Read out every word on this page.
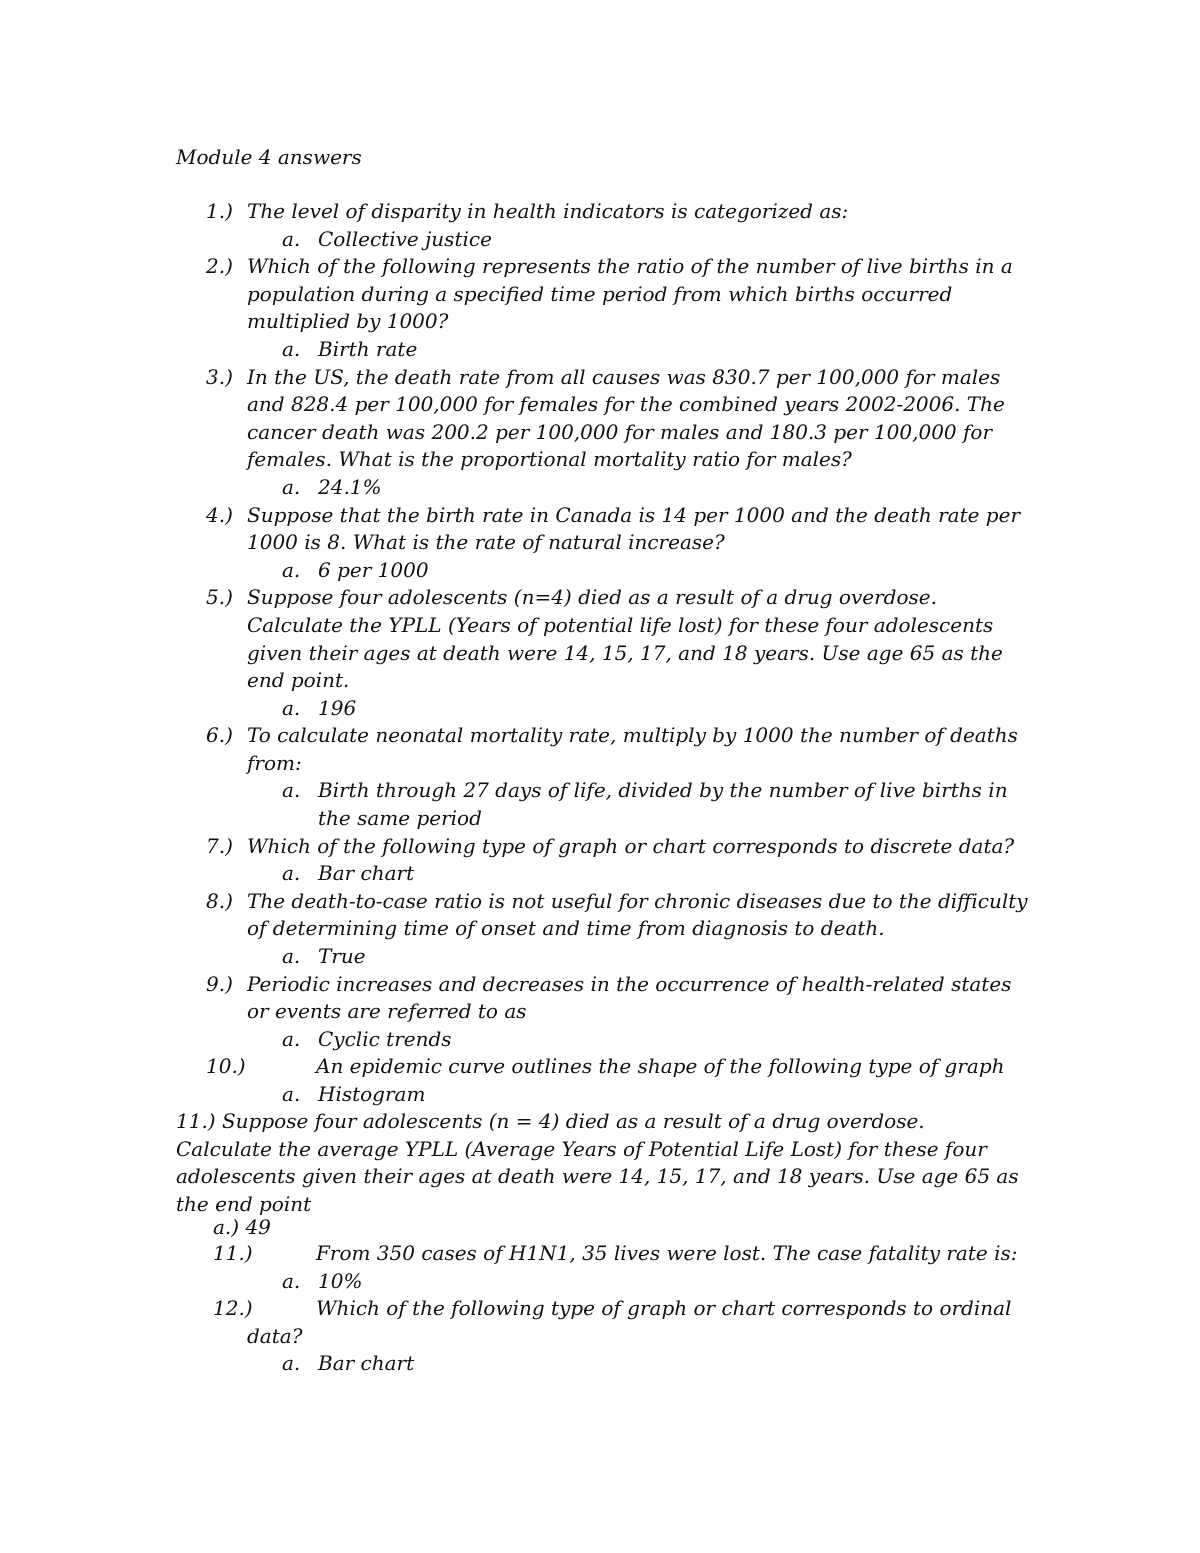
Module 4 answers
1.) The level of disparity in health indicators is categorized as:
a. Collective justice
2.) Which of the following represents the ratio of the number of live births in a population during a specified time period from which births occurred multiplied by 1000?
a. Birth rate
3.) In the US, the death rate from all causes was 830.7 per 100,000 for males and 828.4 per 100,000 for females for the combined years 2002-2006. The cancer death was 200.2 per 100,000 for males and 180.3 per 100,000 for females. What is the proportional mortality ratio for males?
a. 24.1%
4.) Suppose that the birth rate in Canada is 14 per 1000 and the death rate per 1000 is 8. What is the rate of natural increase?
a. 6 per 1000
5.) Suppose four adolescents (n=4) died as a result of a drug overdose. Calculate the YPLL (Years of potential life lost) for these four adolescents given their ages at death were 14, 15, 17, and 18 years. Use age 65 as the end point.
a. 196
6.) To calculate neonatal mortality rate, multiply by 1000 the number of deaths from:
a. Birth through 27 days of life, divided by the number of live births in the same period
7.) Which of the following type of graph or chart corresponds to discrete data?
a. Bar chart
8.) The death-to-case ratio is not useful for chronic diseases due to the difficulty of determining time of onset and time from diagnosis to death.
a. True
9.) Periodic increases and decreases in the occurrence of health-related states or events are referred to as
a. Cyclic trends
10.)	An epidemic curve outlines the shape of the following type of graph
a. Histogram
11.) Suppose four adolescents (n = 4) died as a result of a drug overdose. Calculate the average YPLL (Average Years of Potential Life Lost) for these four adolescents given their ages at death were 14, 15, 17, and 18 years. Use age 65 as the end point
a.) 49
11.)	From 350 cases of H1N1, 35 lives were lost. The case fatality rate is:
a. 10%
12.)	Which of the following type of graph or chart corresponds to ordinal
data?
a. Bar chart
